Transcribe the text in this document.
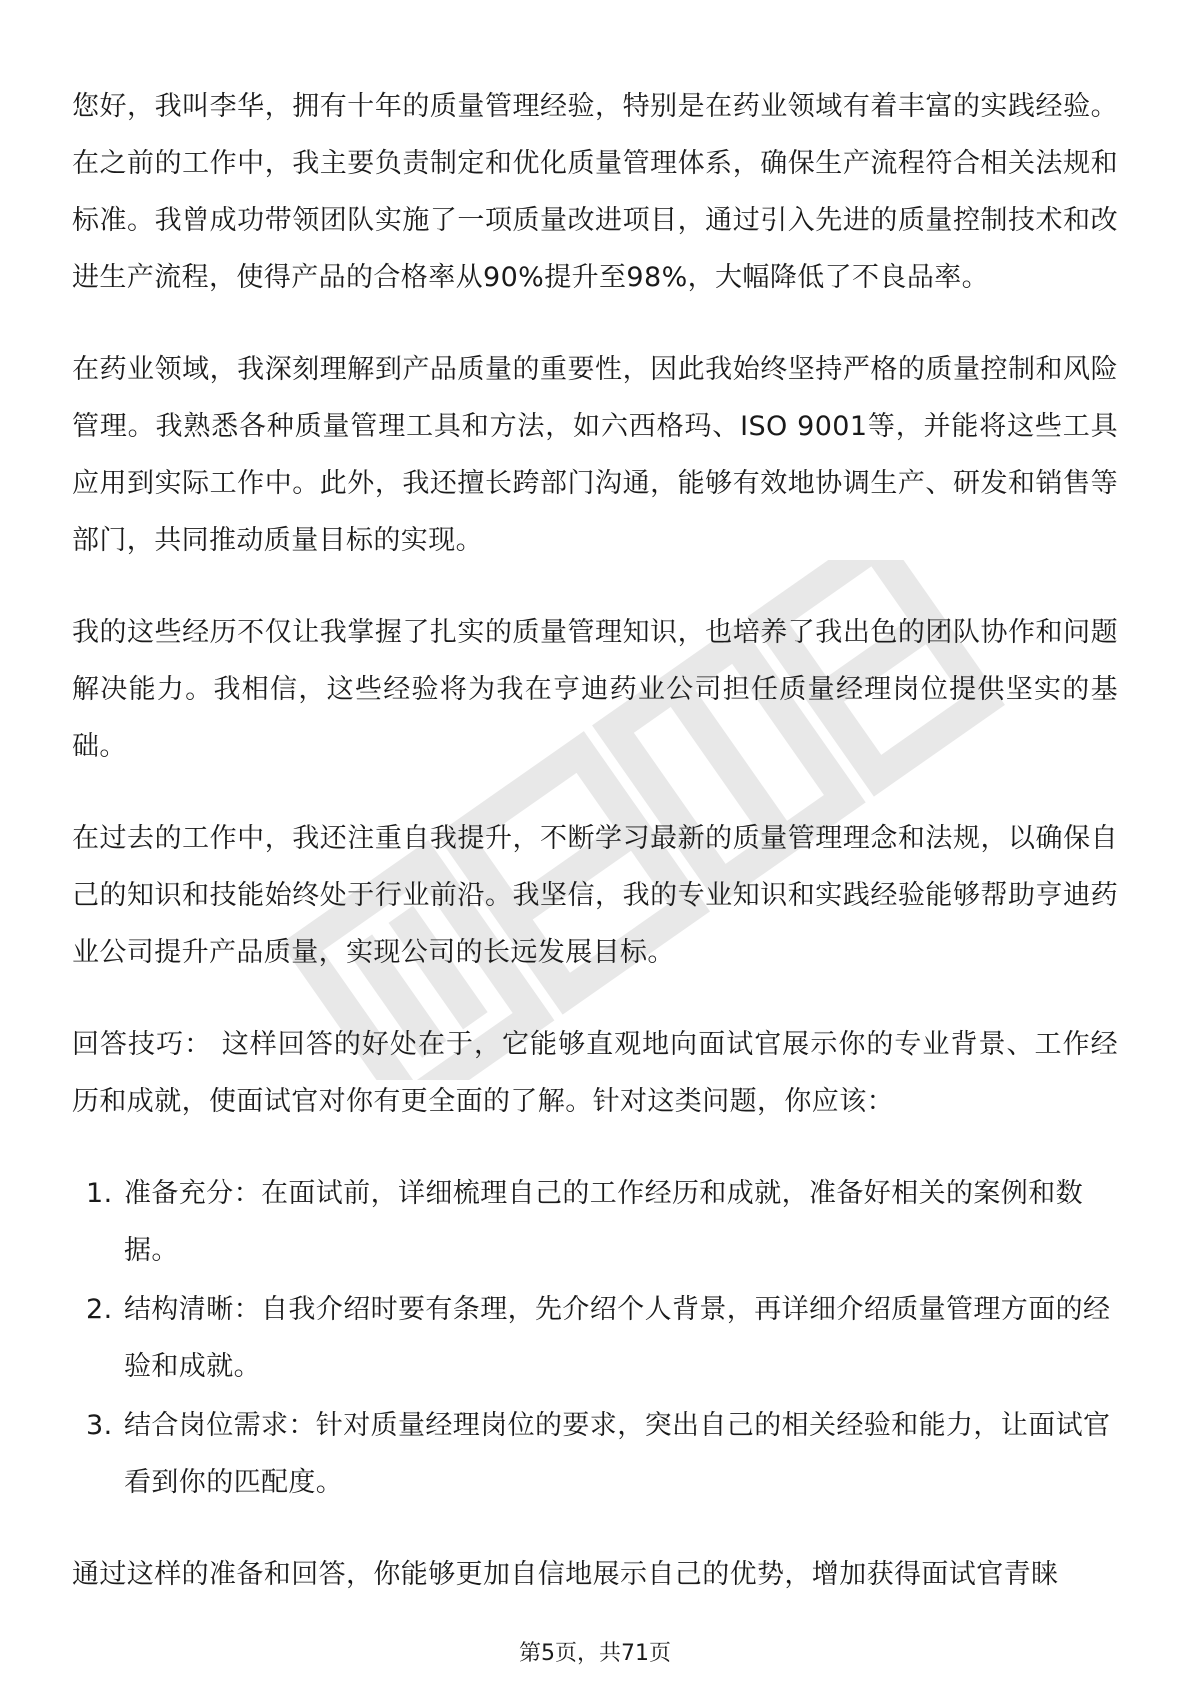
您好，我叫李华，拥有十年的质量管理经验，特别是在药业领域有着丰富的实践经验。在之前的工作中，我主要负责制定和优化质量管理体系，确保生产流程符合相关法规和标准。我曾成功带领团队实施了一项质量改进项目，通过引入先进的质量控制技术和改进生产流程，使得产品的合格率从90%提升至98%，大幅降低了不良品率。

在药业领域，我深刻理解到产品质量的重要性，因此我始终坚持严格的质量控制和风险管理。我熟悉各种质量管理工具和方法，如六西格玛、ISO 9001等，并能将这些工具应用到实际工作中。此外，我还擅长跨部门沟通，能够有效地协调生产、研发和销售等部门，共同推动质量目标的实现。

我的这些经历不仅让我掌握了扎实的质量管理知识，也培养了我出色的团队协作和问题解决能力。我相信，这些经验将为我在亨迪药业公司担任质量经理岗位提供坚实的基础。

在过去的工作中，我还注重自我提升，不断学习最新的质量管理理念和法规，以确保自己的知识和技能始终处于行业前沿。我坚信，我的专业知识和实践经验能够帮助亨迪药业公司提升产品质量，实现公司的长远发展目标。

回答技巧： 这样回答的好处在于，它能够直观地向面试官展示你的专业背景、工作经历和成就，使面试官对你有更全面的了解。针对这类问题，你应该：

1. 准备充分：在面试前，详细梳理自己的工作经历和成就，准备好相关的案例和数据。
2. 结构清晰：自我介绍时要有条理，先介绍个人背景，再详细介绍质量管理方面的经验和成就。
3. 结合岗位需求：针对质量经理岗位的要求，突出自己的相关经验和能力，让面试官看到你的匹配度。

通过这样的准备和回答，你能够更加自信地展示自己的优势，增加获得面试官青睐

第5页，共71页
